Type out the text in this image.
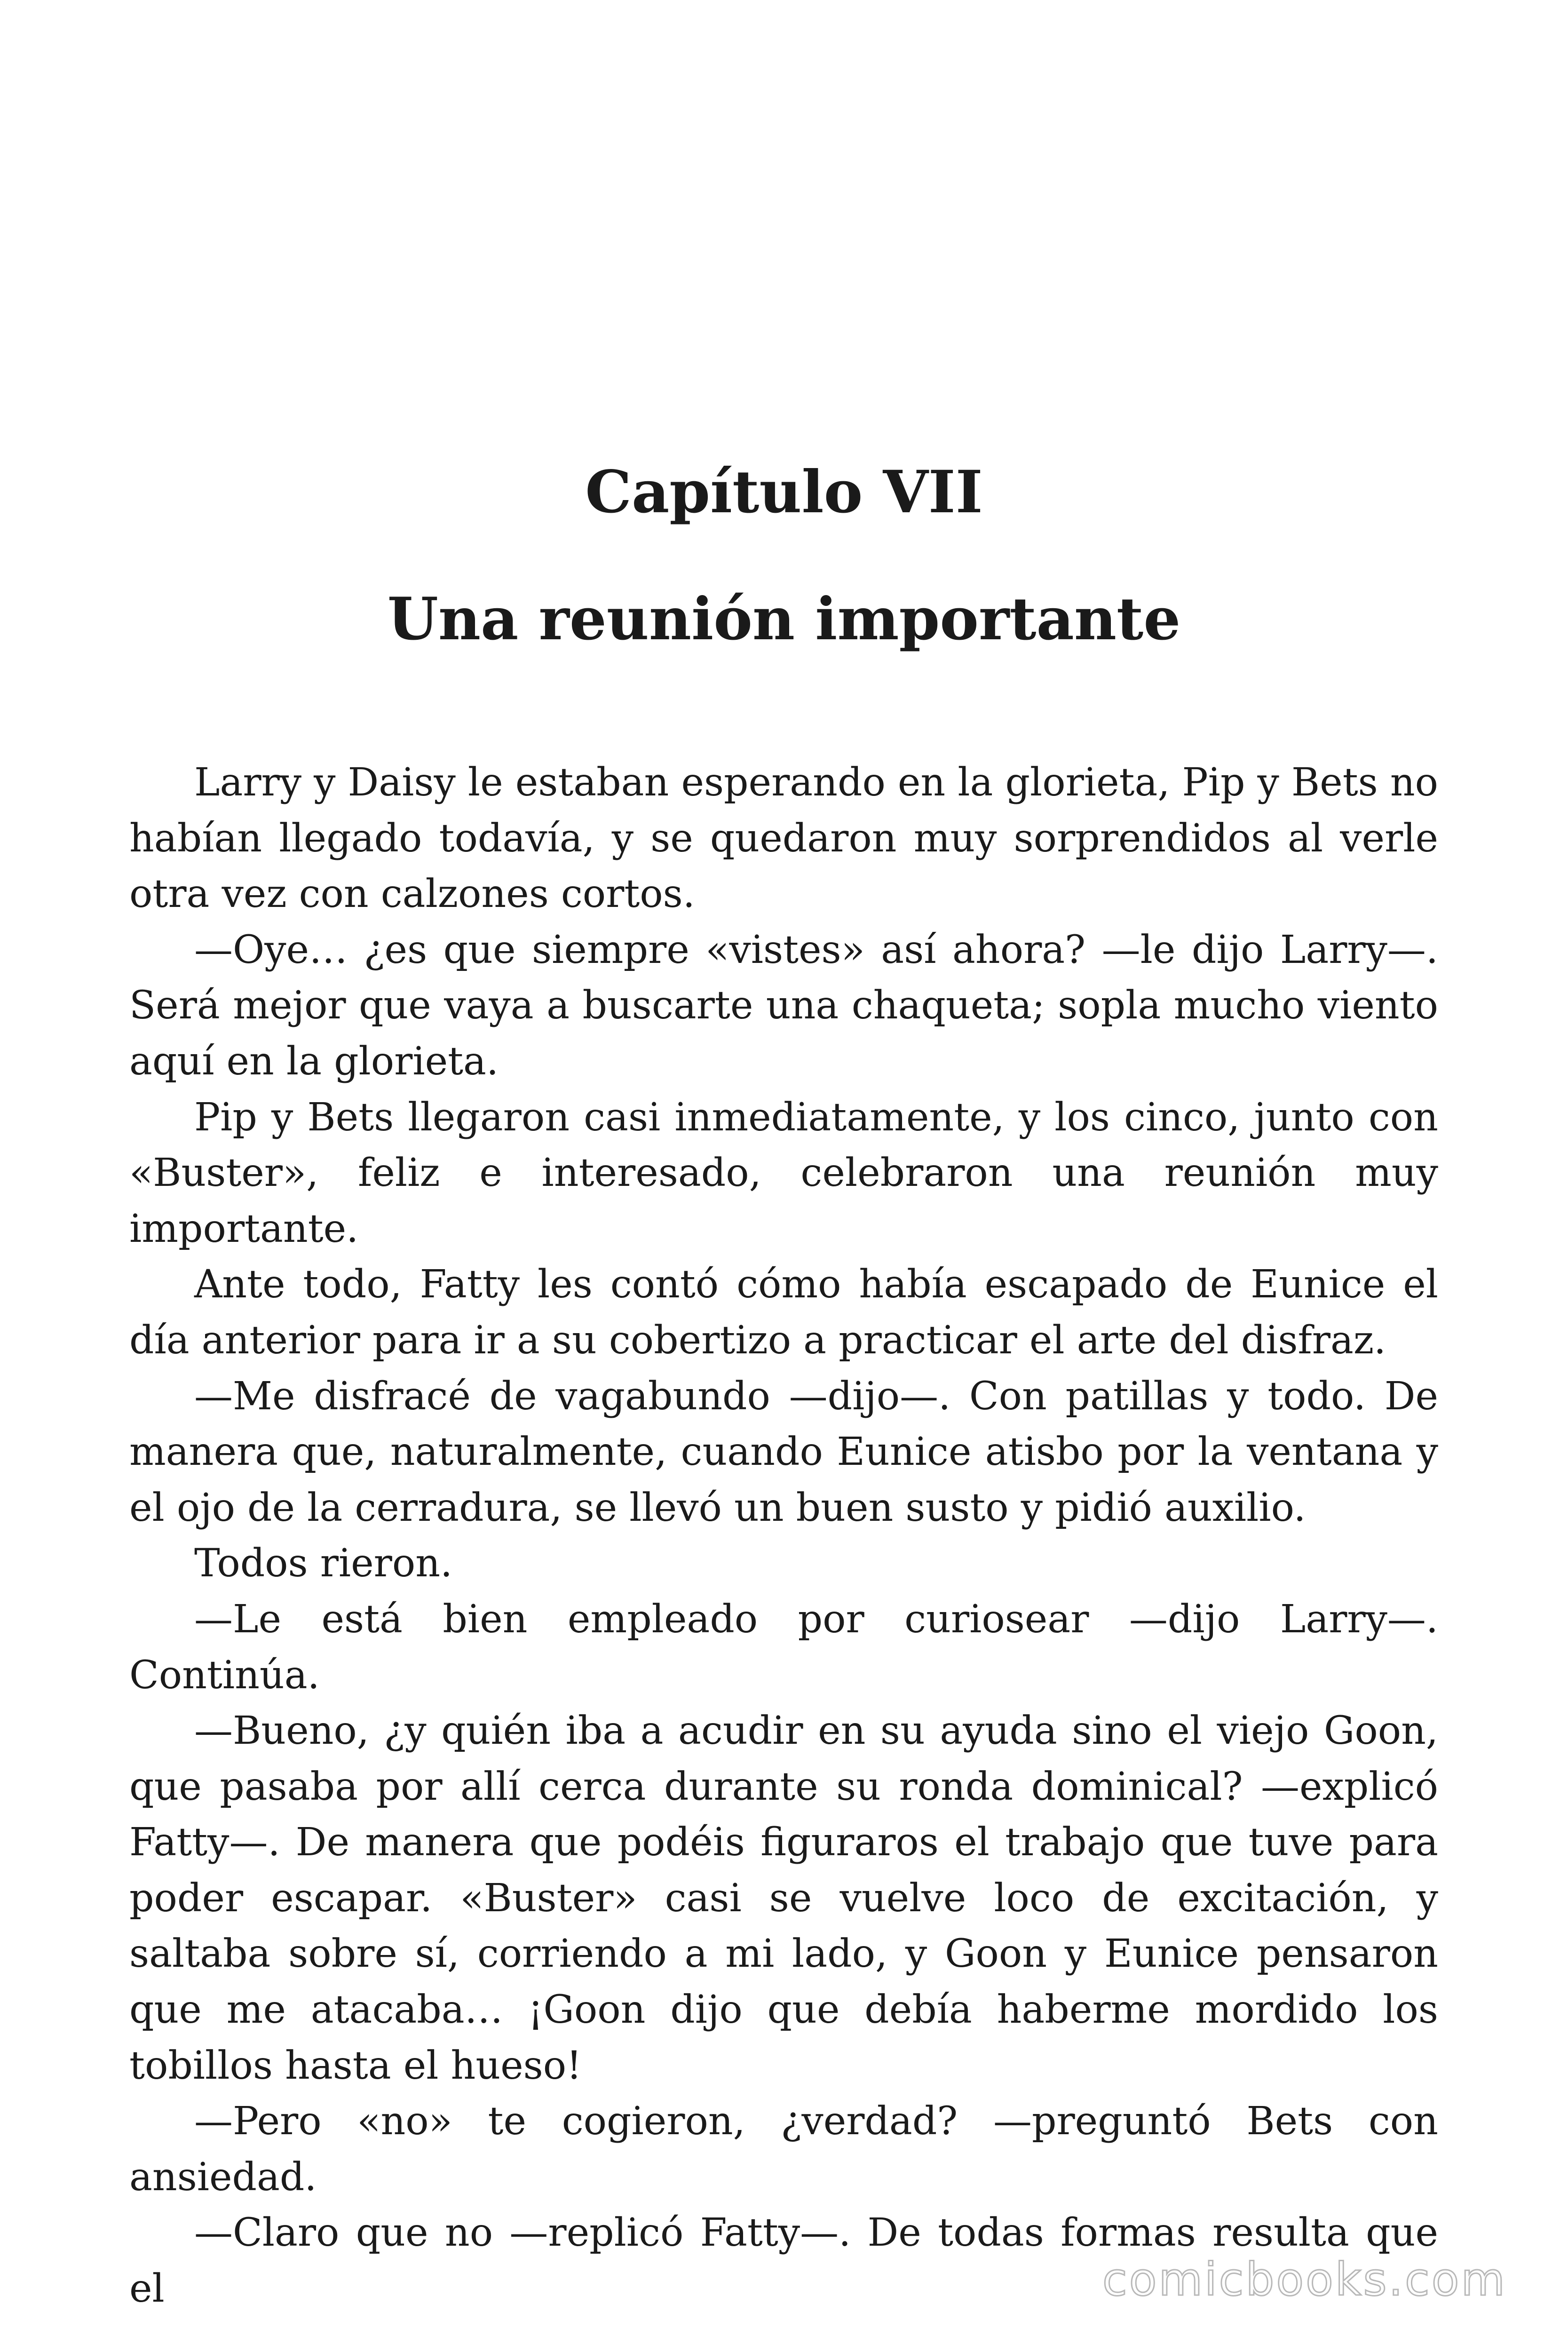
Capítulo VII
Una reunión importante

Larry y Daisy le estaban esperando en la glorieta, Pip y Bets no habían llegado todavía, y se quedaron muy sorprendidos al verle otra vez con calzones cortos.

—Oye… ¿es que siempre «vistes» así ahora? —le dijo Larry—. Será mejor que vaya a buscarte una chaqueta; sopla mucho viento aquí en la glorieta.

Pip y Bets llegaron casi inmediatamente, y los cinco, junto con «Buster», feliz e interesado, celebraron una reunión muy importante.

Ante todo, Fatty les contó cómo había escapado de Eunice el día anterior para ir a su cobertizo a practicar el arte del disfraz.

—Me disfracé de vagabundo —dijo—. Con patillas y todo. De manera que, naturalmente, cuando Eunice atisbo por la ventana y el ojo de la cerradura, se llevó un buen susto y pidió auxilio.

Todos rieron.

—Le está bien empleado por curiosear —dijo Larry—. Continúa.

—Bueno, ¿y quién iba a acudir en su ayuda sino el viejo Goon, que pasaba por allí cerca durante su ronda dominical? —explicó Fatty—. De manera que podéis figuraros el trabajo que tuve para poder escapar. «Buster» casi se vuelve loco de excitación, y saltaba sobre sí, corriendo a mi lado, y Goon y Eunice pensaron que me atacaba… ¡Goon dijo que debía haberme mordido los tobillos hasta el hueso!

—Pero «no» te cogieron, ¿verdad? —preguntó Bets con ansiedad.

—Claro que no —replicó Fatty—. De todas formas resulta que el	comicbooks.com
